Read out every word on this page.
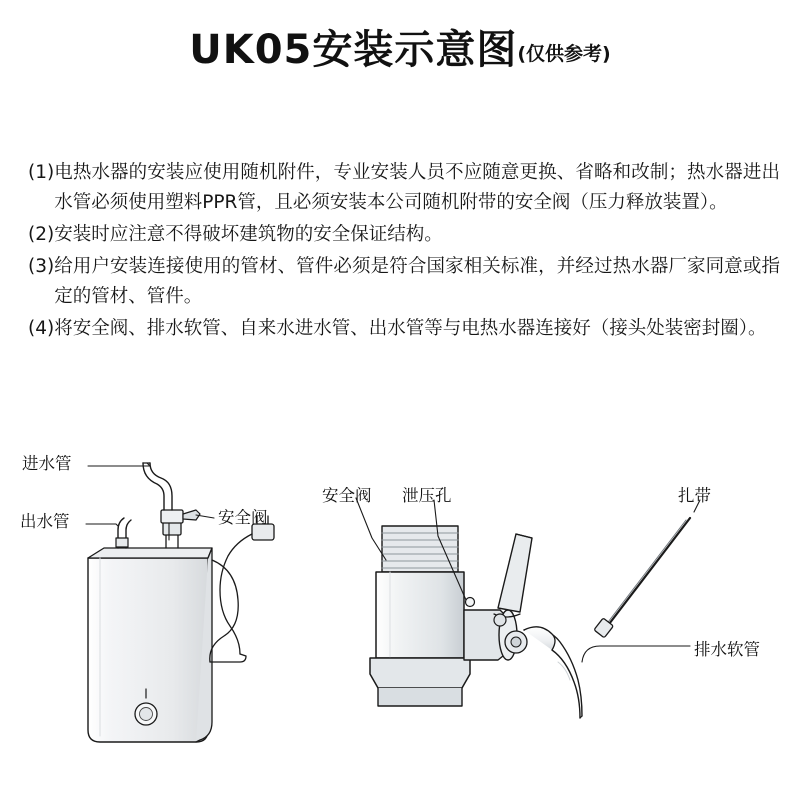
UK05安装示意图(仅供参考)
(1) 电热水器的安装应使用随机附件，专业安装人员不应随意更换、省略和改制；热水器进出水管必须使用塑料PPR管，且必须安装本公司随机附带的安全阀（压力释放装置）。
(2) 安装时应注意不得破坏建筑物的安全保证结构。
(3) 给用户安装连接使用的管材、管件必须是符合国家相关标准，并经过热水器厂家同意或指定的管材、管件。
(4) 将安全阀、排水软管、自来水进水管、出水管等与电热水器连接好（接头处装密封圈）。
进水管
出水管	安全阀
安全阀 泄压孔	扎带
排水软管
